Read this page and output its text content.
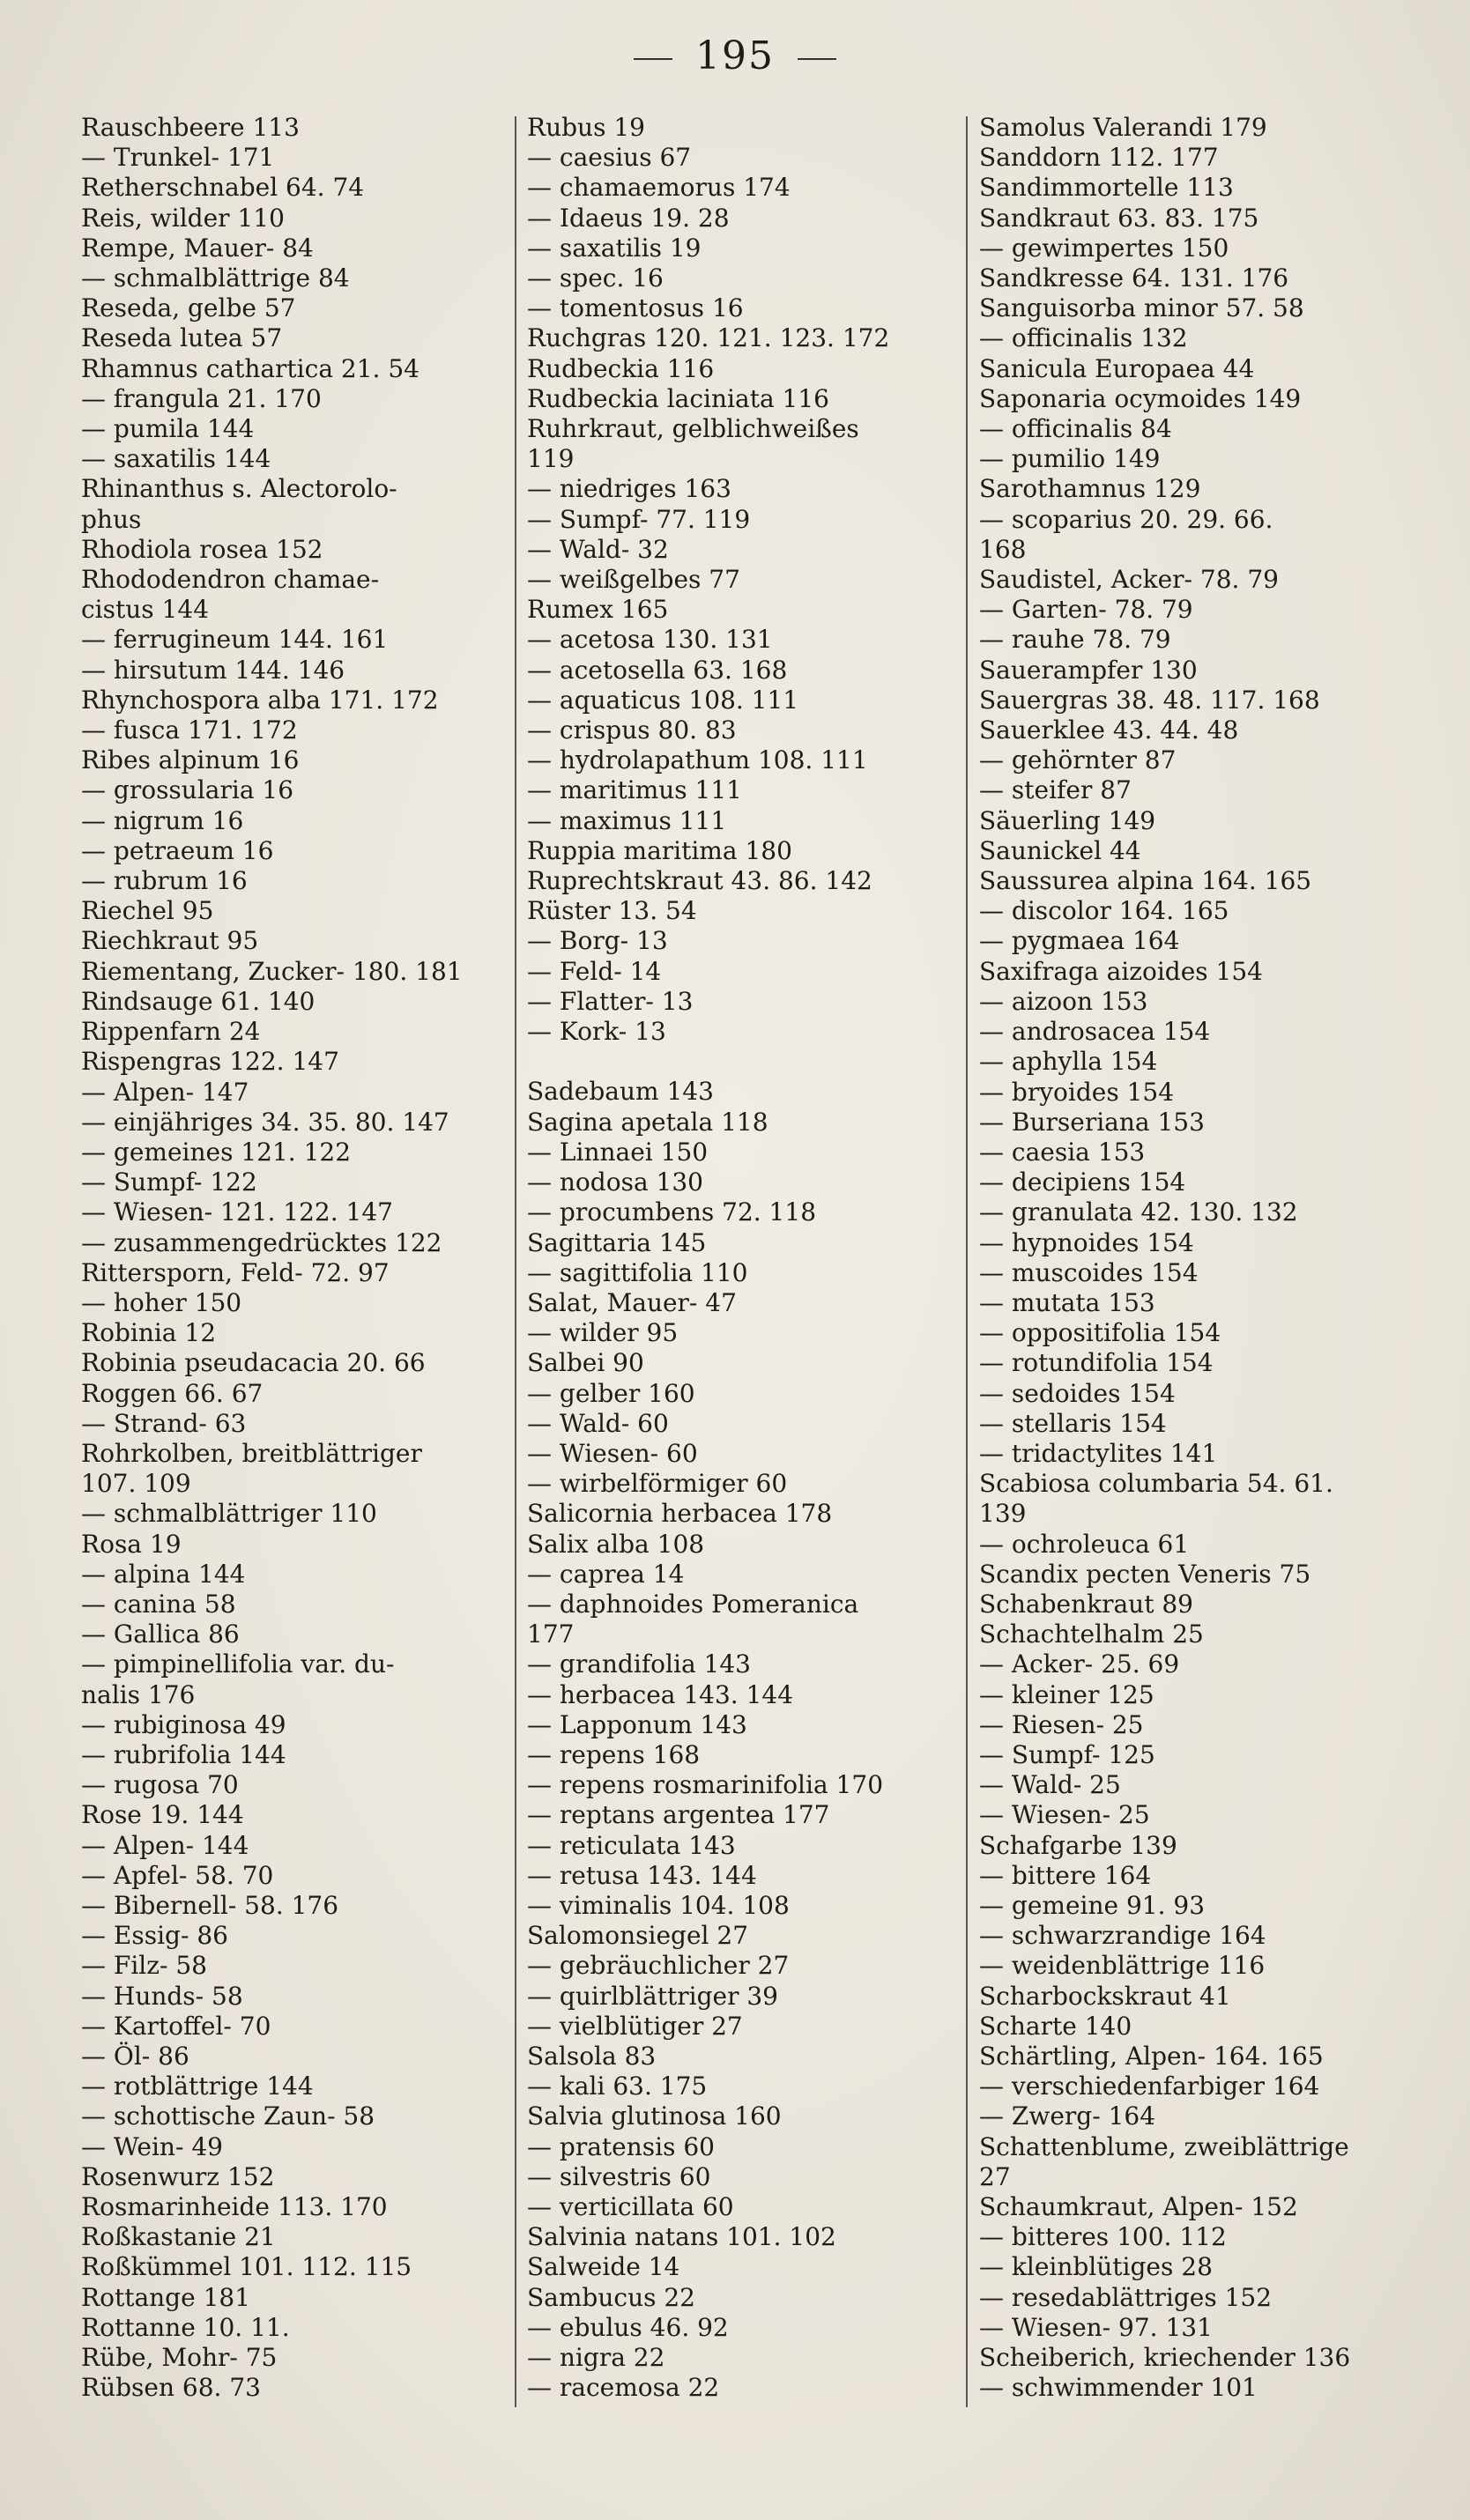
195
Rauschbeere 113
— Trunkel- 171
Retherschnabel 64. 74
Reis, wilder 110
Rempe, Mauer- 84
— schmalblättrige 84
Reseda, gelbe 57
Reseda lutea 57
Rhamnus cathartica 21. 54
— frangula 21. 170
— pumila 144
— saxatilis 144
Rhinanthus s. Alectorolo-
phus
Rhodiola rosea 152
Rhododendron chamae-
cistus 144
— ferrugineum 144. 161
— hirsutum 144. 146
Rhynchospora alba 171. 172
— fusca 171. 172
Ribes alpinum 16
— grossularia 16
— nigrum 16
— petraeum 16
— rubrum 16
Riechel 95
Riechkraut 95
Riementang, Zucker- 180. 181
Rindsauge 61. 140
Rippenfarn 24
Rispengras 122. 147
— Alpen- 147
— einjähriges 34. 35. 80. 147
— gemeines 121. 122
— Sumpf- 122
— Wiesen- 121. 122. 147
— zusammengedrücktes 122
Rittersporn, Feld- 72. 97
— hoher 150
Robinia 12
Robinia pseudacacia 20. 66
Roggen 66. 67
— Strand- 63
Rohrkolben, breitblättriger
107. 109
— schmalblättriger 110
Rosa 19
— alpina 144
— canina 58
— Gallica 86
— pimpinellifolia var. du-
nalis 176
— rubiginosa 49
— rubrifolia 144
— rugosa 70
Rose 19. 144
— Alpen- 144
— Apfel- 58. 70
— Bibernell- 58. 176
— Essig- 86
— Filz- 58
— Hunds- 58
— Kartoffel- 70
— Öl- 86
— rotblättrige 144
— schottische Zaun- 58
— Wein- 49
Rosenwurz 152
Rosmarinheide 113. 170
Roßkastanie 21
Roßkümmel 101. 112. 115
Rottange 181
Rottanne 10. 11.
Rübe, Mohr- 75
Rübsen 68. 73
Rubus 19
— caesius 67
— chamaemorus 174
— Idaeus 19. 28
— saxatilis 19
— spec. 16
— tomentosus 16
Ruchgras 120. 121. 123. 172
Rudbeckia 116
Rudbeckia laciniata 116
Ruhrkraut, gelblichweißes
119
— niedriges 163
— Sumpf- 77. 119
— Wald- 32
— weißgelbes 77
Rumex 165
— acetosa 130. 131
— acetosella 63. 168
— aquaticus 108. 111
— crispus 80. 83
— hydrolapathum 108. 111
— maritimus 111
— maximus 111
Ruppia maritima 180
Ruprechtskraut 43. 86. 142
Rüster 13. 54
— Borg- 13
— Feld- 14
— Flatter- 13
— Kork- 13
Sadebaum 143
Sagina apetala 118
— Linnaei 150
— nodosa 130
— procumbens 72. 118
Sagittaria 145
— sagittifolia 110
Salat, Mauer- 47
— wilder 95
Salbei 90
— gelber 160
— Wald- 60
— Wiesen- 60
— wirbelförmiger 60
Salicornia herbacea 178
Salix alba 108
— caprea 14
— daphnoides Pomeranica
177
— grandifolia 143
— herbacea 143. 144
— Lapponum 143
— repens 168
— repens rosmarinifolia 170
— reptans argentea 177
— reticulata 143
— retusa 143. 144
— viminalis 104. 108
Salomonsiegel 27
— gebräuchlicher 27
— quirlblättriger 39
— vielblütiger 27
Salsola 83
— kali 63. 175
Salvia glutinosa 160
— pratensis 60
— silvestris 60
— verticillata 60
Salvinia natans 101. 102
Salweide 14
Sambucus 22
— ebulus 46. 92
— nigra 22
— racemosa 22
Samolus Valerandi 179
Sanddorn 112. 177
Sandimmortelle 113
Sandkraut 63. 83. 175
— gewimpertes 150
Sandkresse 64. 131. 176
Sanguisorba minor 57. 58
— officinalis 132
Sanicula Europaea 44
Saponaria ocymoides 149
— officinalis 84
— pumilio 149
Sarothamnus 129
— scoparius 20. 29. 66.
168
Saudistel, Acker- 78. 79
— Garten- 78. 79
— rauhe 78. 79
Sauerampfer 130
Sauergras 38. 48. 117. 168
Sauerklee 43. 44. 48
— gehörnter 87
— steifer 87
Säuerling 149
Saunickel 44
Saussurea alpina 164. 165
— discolor 164. 165
— pygmaea 164
Saxifraga aizoides 154
— aizoon 153
— androsacea 154
— aphylla 154
— bryoides 154
— Burseriana 153
— caesia 153
— decipiens 154
— granulata 42. 130. 132
— hypnoides 154
— muscoides 154
— mutata 153
— oppositifolia 154
— rotundifolia 154
— sedoides 154
— stellaris 154
— tridactylites 141
Scabiosa columbaria 54. 61.
139
— ochroleuca 61
Scandix pecten Veneris 75
Schabenkraut 89
Schachtelhalm 25
— Acker- 25. 69
— kleiner 125
— Riesen- 25
— Sumpf- 125
— Wald- 25
— Wiesen- 25
Schafgarbe 139
— bittere 164
— gemeine 91. 93
— schwarzrandige 164
— weidenblättrige 116
Scharbockskraut 41
Scharte 140
Schärtling, Alpen- 164. 165
— verschiedenfarbiger 164
— Zwerg- 164
Schattenblume, zweiblättrige
27
Schaumkraut, Alpen- 152
— bitteres 100. 112
— kleinblütiges 28
— resedablättriges 152
— Wiesen- 97. 131
Scheiberich, kriechender 136
— schwimmender 101
